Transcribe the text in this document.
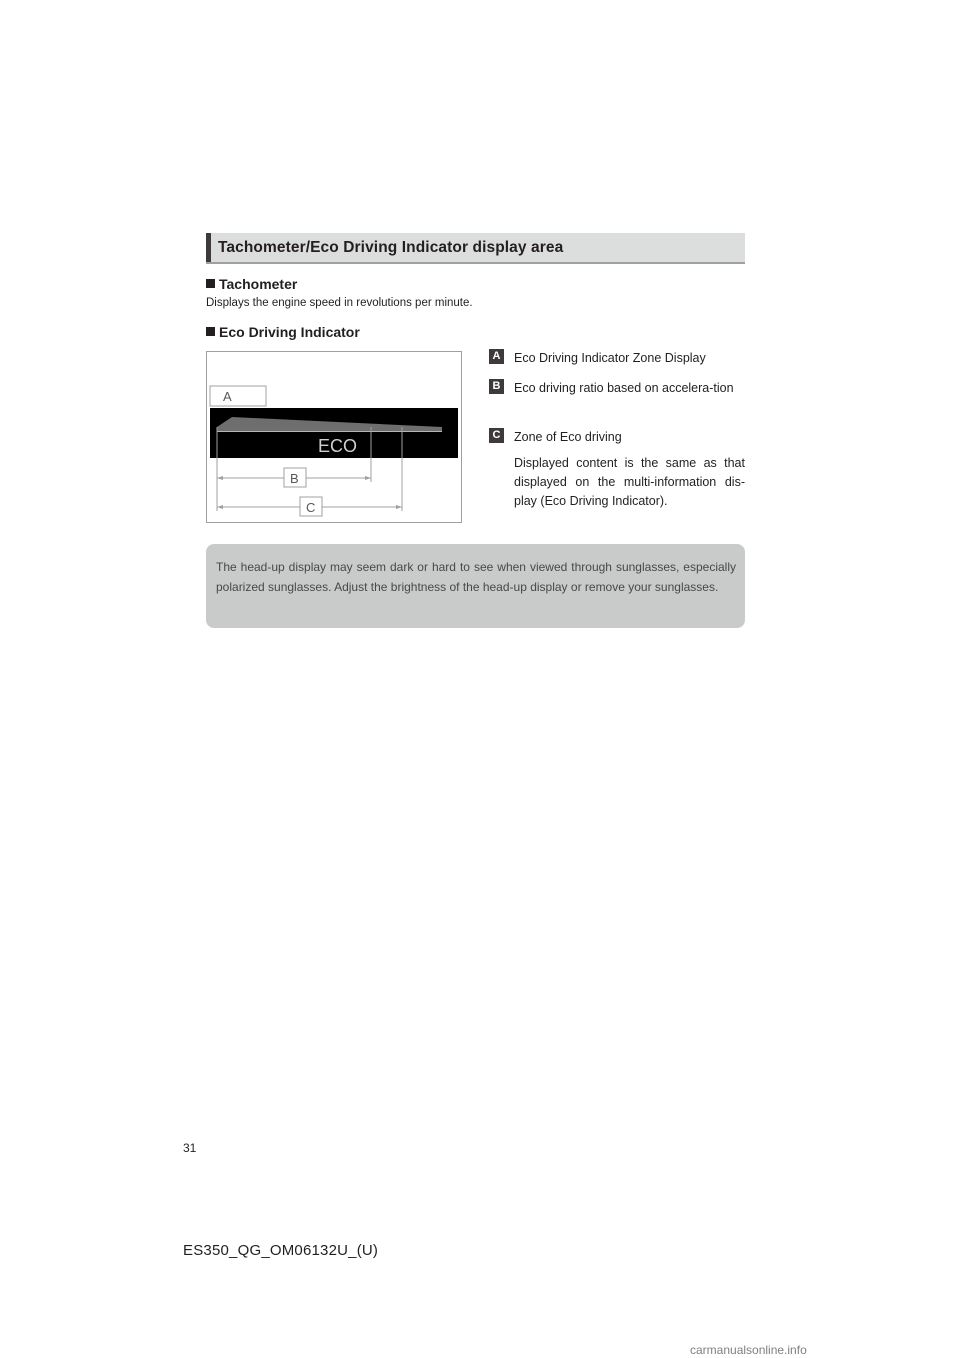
Tachometer/Eco Driving Indicator display area
Tachometer
Displays the engine speed in revolutions per minute.
Eco Driving Indicator
A
ECO
B
C
A Eco Driving Indicator Zone Display
B Eco driving ratio based on accelera-tion
C Zone of Eco driving
Displayed content is the same as that displayed on the multi-information dis-play (Eco Driving Indicator).
The head-up display may seem dark or hard to see when viewed through sunglasses, especially polarized sunglasses. Adjust the brightness of the head-up display or remove your sunglasses.
31
ES350_QG_OM06132U_(U)
carmanualsonline.info
